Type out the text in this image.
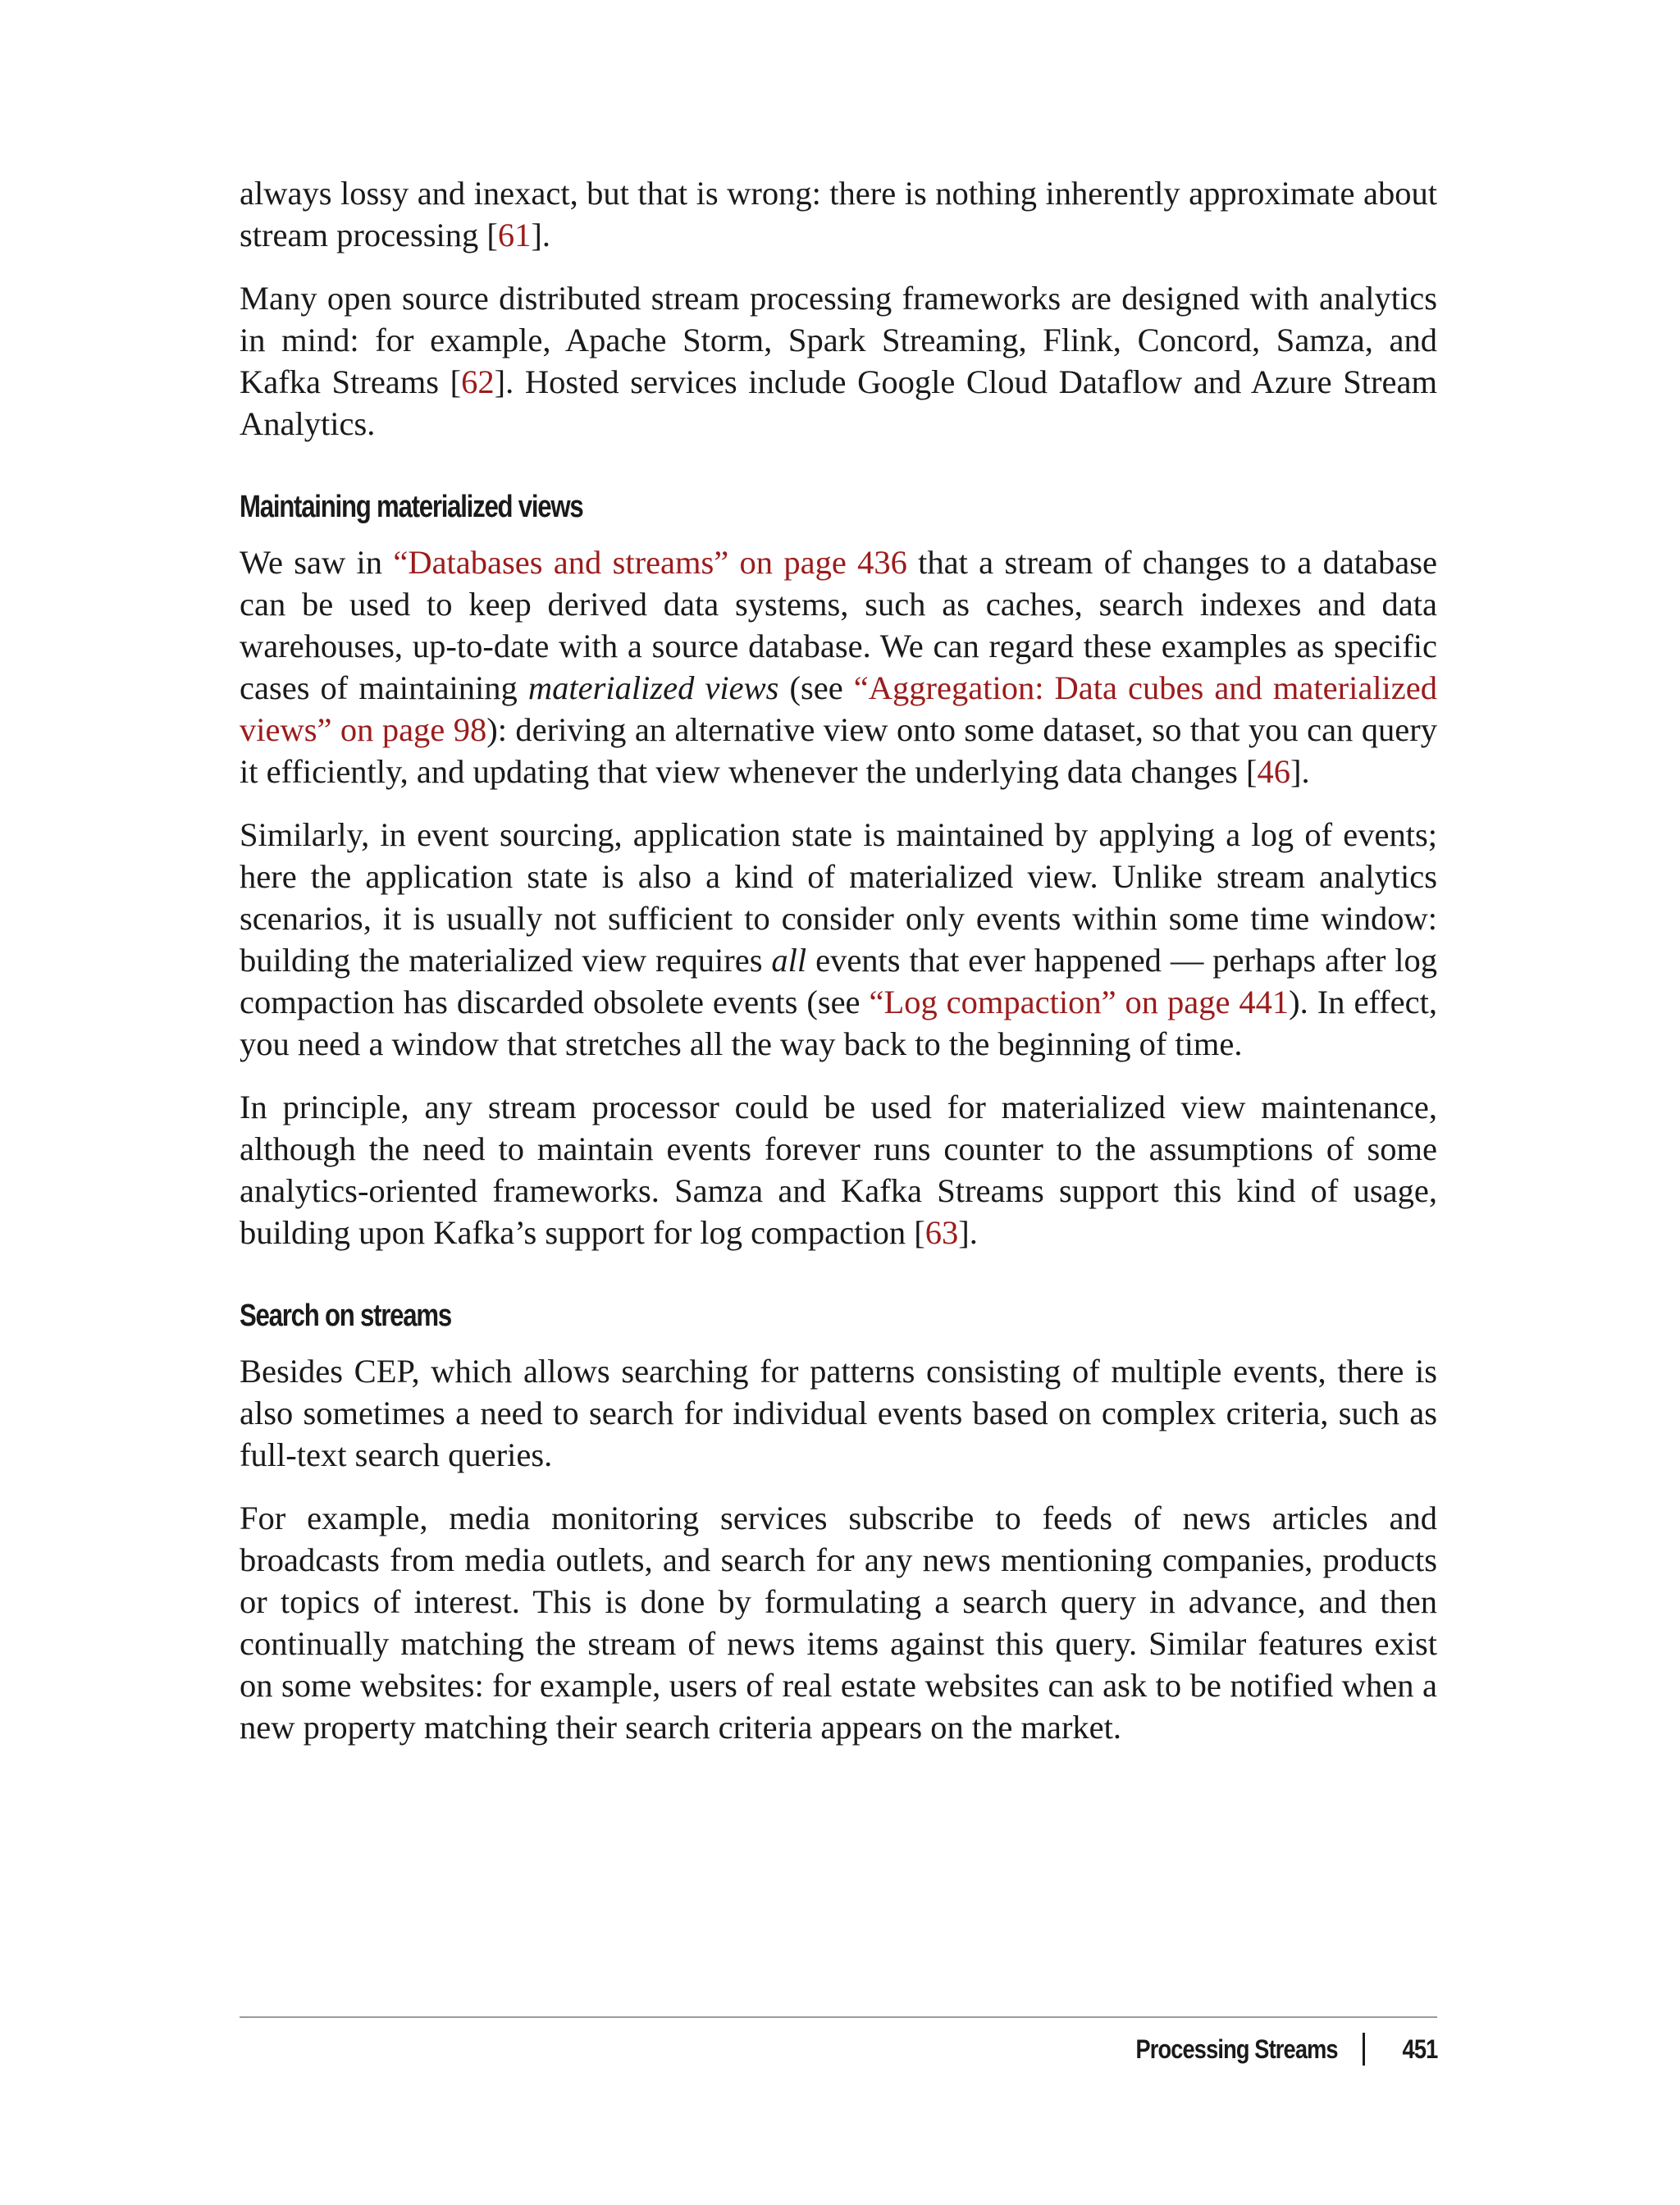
always lossy and inexact, but that is wrong: there is nothing inherently approximate about stream processing [61].

Many open source distributed stream processing frameworks are designed with analytics in mind: for example, Apache Storm, Spark Streaming, Flink, Concord, Samza, and Kafka Streams [62]. Hosted services include Google Cloud Dataflow and Azure Stream Analytics.

Maintaining materialized views

We saw in “Databases and streams” on page 436 that a stream of changes to a database can be used to keep derived data systems, such as caches, search indexes and data warehouses, up-to-date with a source database. We can regard these examples as specific cases of maintaining materialized views (see “Aggregation: Data cubes and materialized views” on page 98): deriving an alternative view onto some dataset, so that you can query it efficiently, and updating that view whenever the underlying data changes [46].

Similarly, in event sourcing, application state is maintained by applying a log of events; here the application state is also a kind of materialized view. Unlike stream analytics scenarios, it is usually not sufficient to consider only events within some time window: building the materialized view requires all events that ever happened — perhaps after log compaction has discarded obsolete events (see “Log compaction” on page 441). In effect, you need a window that stretches all the way back to the beginning of time.

In principle, any stream processor could be used for materialized view maintenance, although the need to maintain events forever runs counter to the assumptions of some analytics-oriented frameworks. Samza and Kafka Streams support this kind of usage, building upon Kafka’s support for log compaction [63].

Search on streams

Besides CEP, which allows searching for patterns consisting of multiple events, there is also sometimes a need to search for individual events based on complex criteria, such as full-text search queries.

For example, media monitoring services subscribe to feeds of news articles and broadcasts from media outlets, and search for any news mentioning companies, products or topics of interest. This is done by formulating a search query in advance, and then continually matching the stream of news items against this query. Similar features exist on some websites: for example, users of real estate websites can ask to be notified when a new property matching their search criteria appears on the market.

Processing Streams 451
